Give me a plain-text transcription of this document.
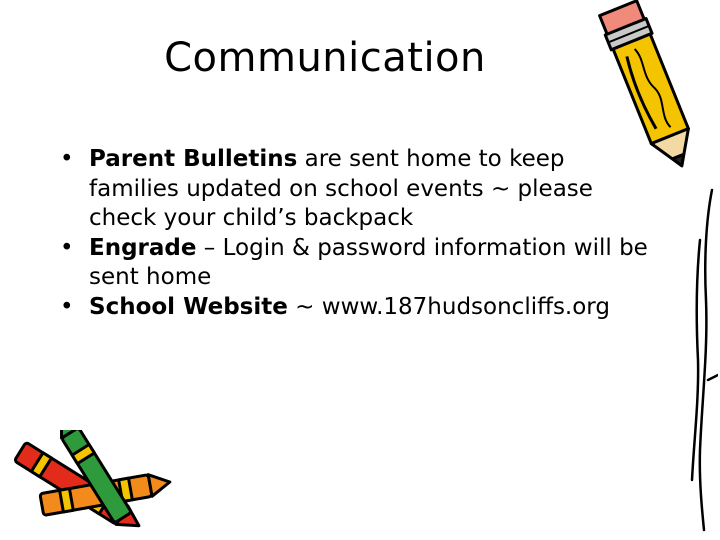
Communication
• Parent Bulletins are sent home to keep families updated on school events ~ please check your child’s backpack
• Engrade – Login & password information will be sent home
• School Website ~ www.187hudsoncliffs.org
